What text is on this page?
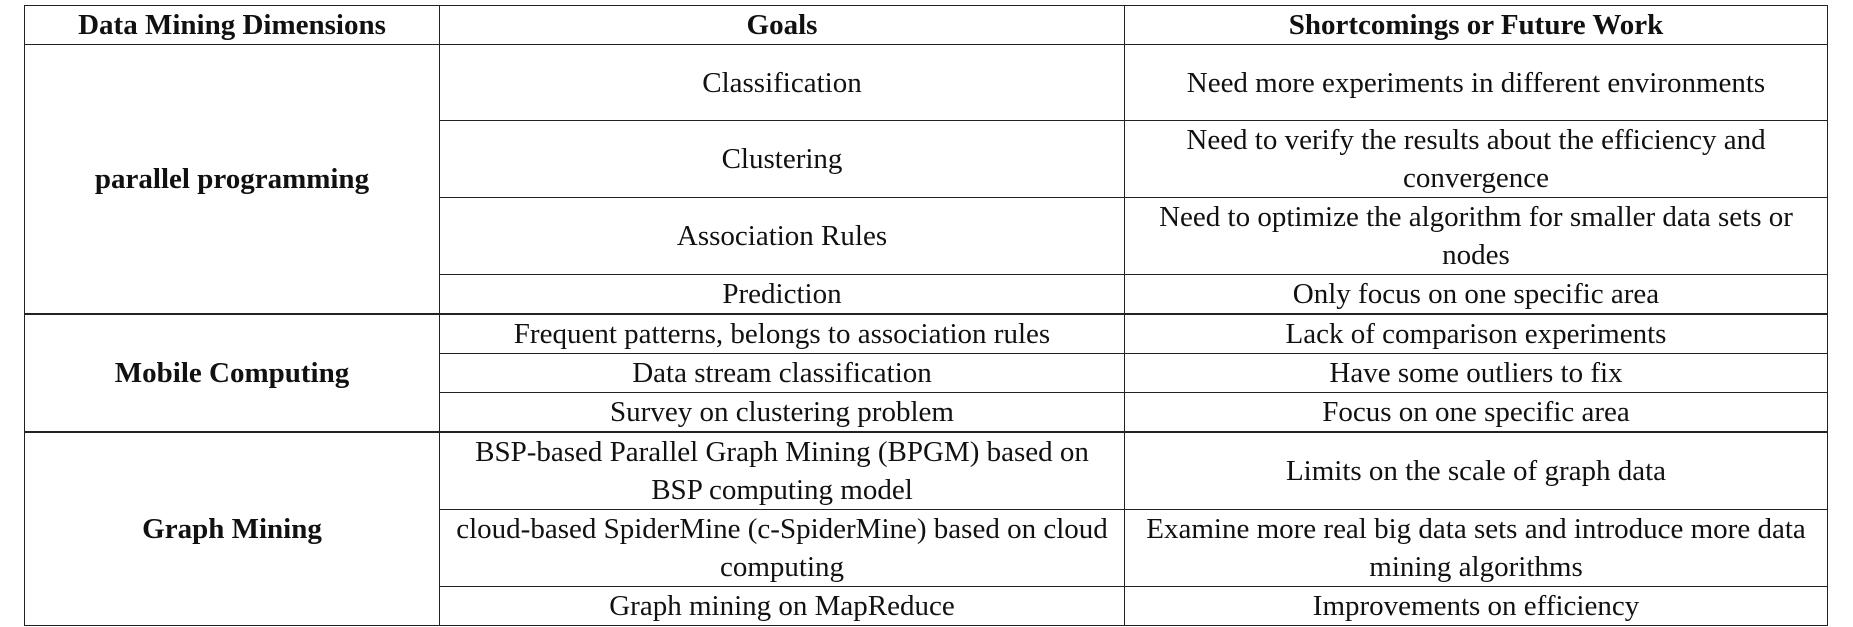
Data Mining Dimensions	Goals	Shortcomings or Future Work
parallel programming	Classification	Need more experiments in different environments
	Clustering	Need to verify the results about the efficiency and convergence
	Association Rules	Need to optimize the algorithm for smaller data sets or nodes
	Prediction	Only focus on one specific area
Mobile Computing	Frequent patterns, belongs to association rules	Lack of comparison experiments
	Data stream classification	Have some outliers to fix
	Survey on clustering problem	Focus on one specific area
Graph Mining	BSP-based Parallel Graph Mining (BPGM) based on BSP computing model	Limits on the scale of graph data
	cloud-based SpiderMine (c-SpiderMine) based on cloud computing	Examine more real big data sets and introduce more data mining algorithms
	Graph mining on MapReduce	Improvements on efficiency
